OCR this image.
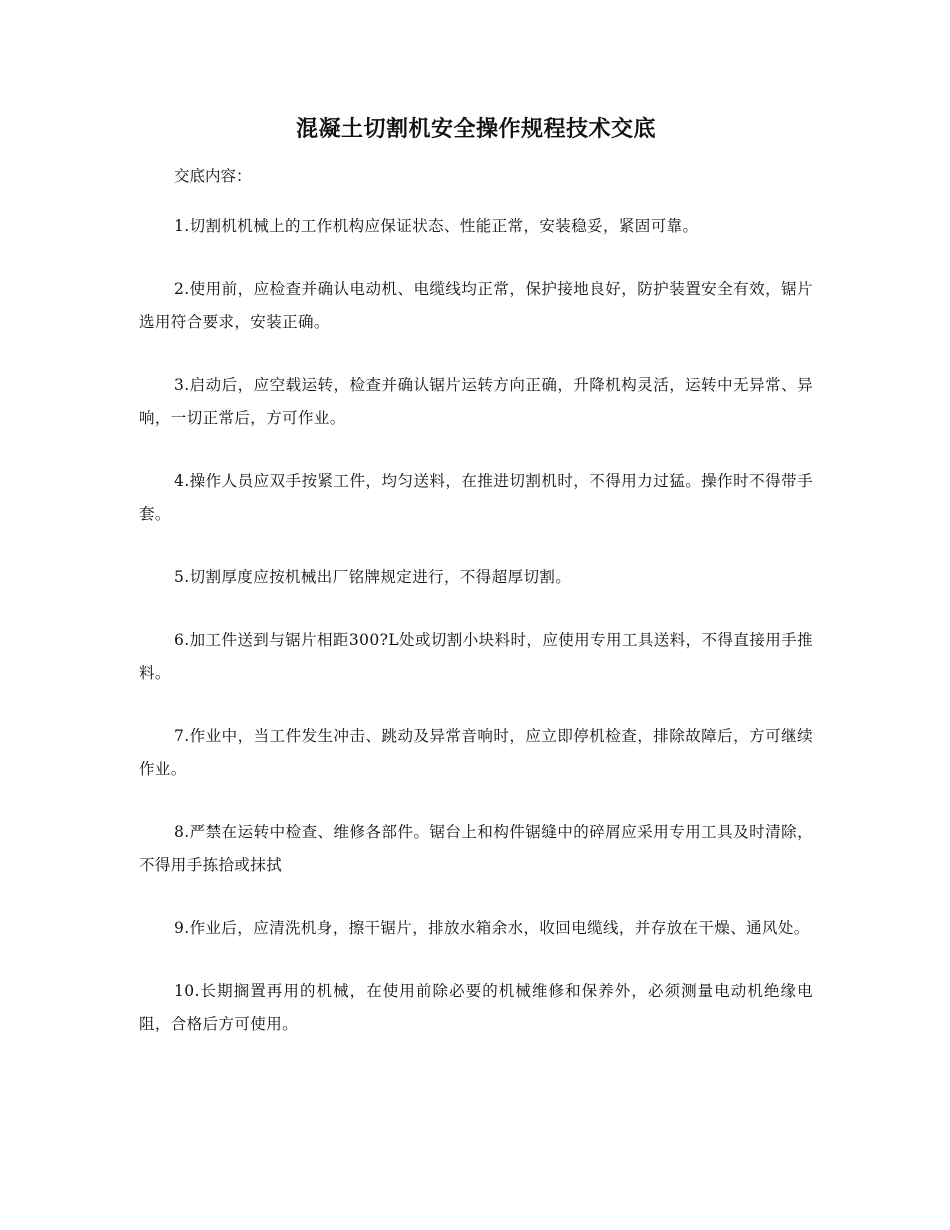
混凝土切割机安全操作规程技术交底

交底内容：

1.切割机机械上的工作机构应保证状态、性能正常，安装稳妥，紧固可靠。
2.使用前，应检查并确认电动机、电缆线均正常，保护接地良好，防护装置安全有效，锯片选用符合要求，安装正确。
3.启动后，应空载运转，检查并确认锯片运转方向正确，升降机构灵活，运转中无异常、异响，一切正常后，方可作业。
4.操作人员应双手按紧工件，均匀送料，在推进切割机时，不得用力过猛。操作时不得带手套。
5.切割厚度应按机械出厂铭牌规定进行，不得超厚切割。
6.加工件送到与锯片相距300?L处或切割小块料时，应使用专用工具送料，不得直接用手推料。
7.作业中，当工件发生冲击、跳动及异常音响时，应立即停机检查，排除故障后，方可继续作业。
8.严禁在运转中检查、维修各部件。锯台上和构件锯缝中的碎屑应采用专用工具及时清除，不得用手拣拾或抹拭
9.作业后，应清洗机身，擦干锯片，排放水箱余水，收回电缆线，并存放在干燥、通风处。
10.长期搁置再用的机械，在使用前除必要的机械维修和保养外，必须测量电动机绝缘电阻，合格后方可使用。
